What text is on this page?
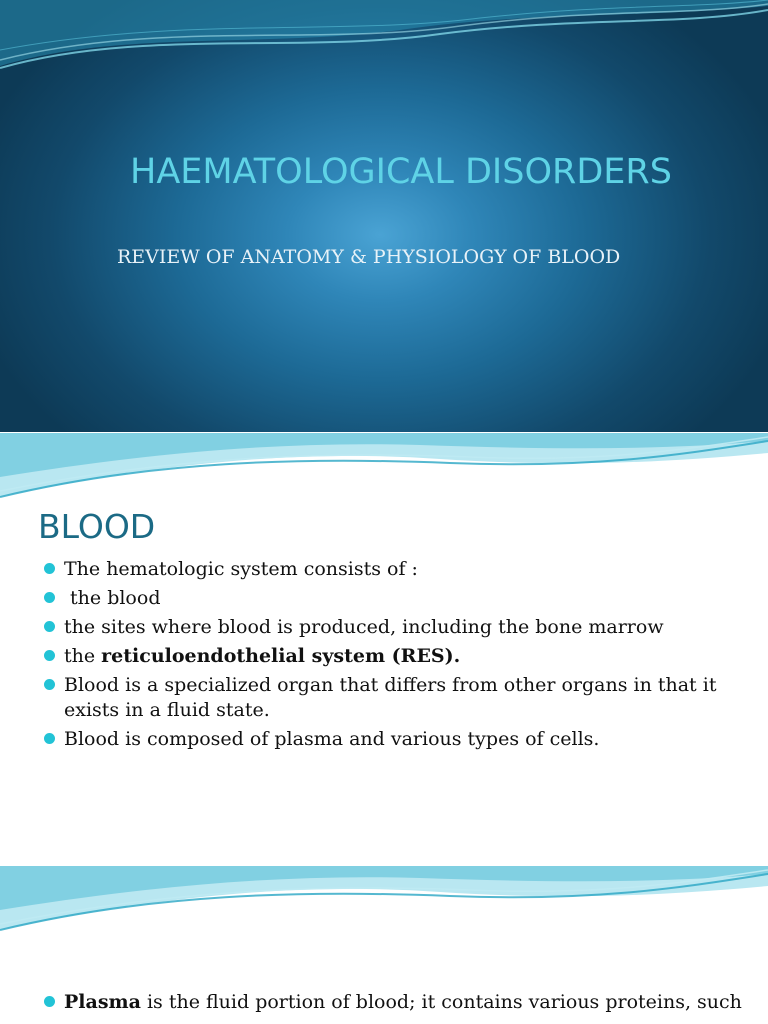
HAEMATOLOGICAL DISORDERS
REVIEW OF ANATOMY & PHYSIOLOGY OF BLOOD
BLOOD
The hematologic system consists of :
the blood
the sites where blood is produced, including the bone marrow
the reticuloendothelial system (RES).
Blood is a specialized organ that differs from other organs in that it exists in a fluid state.
Blood is composed of plasma and various types of cells.
Plasma is the fluid portion of blood; it contains various proteins, such
